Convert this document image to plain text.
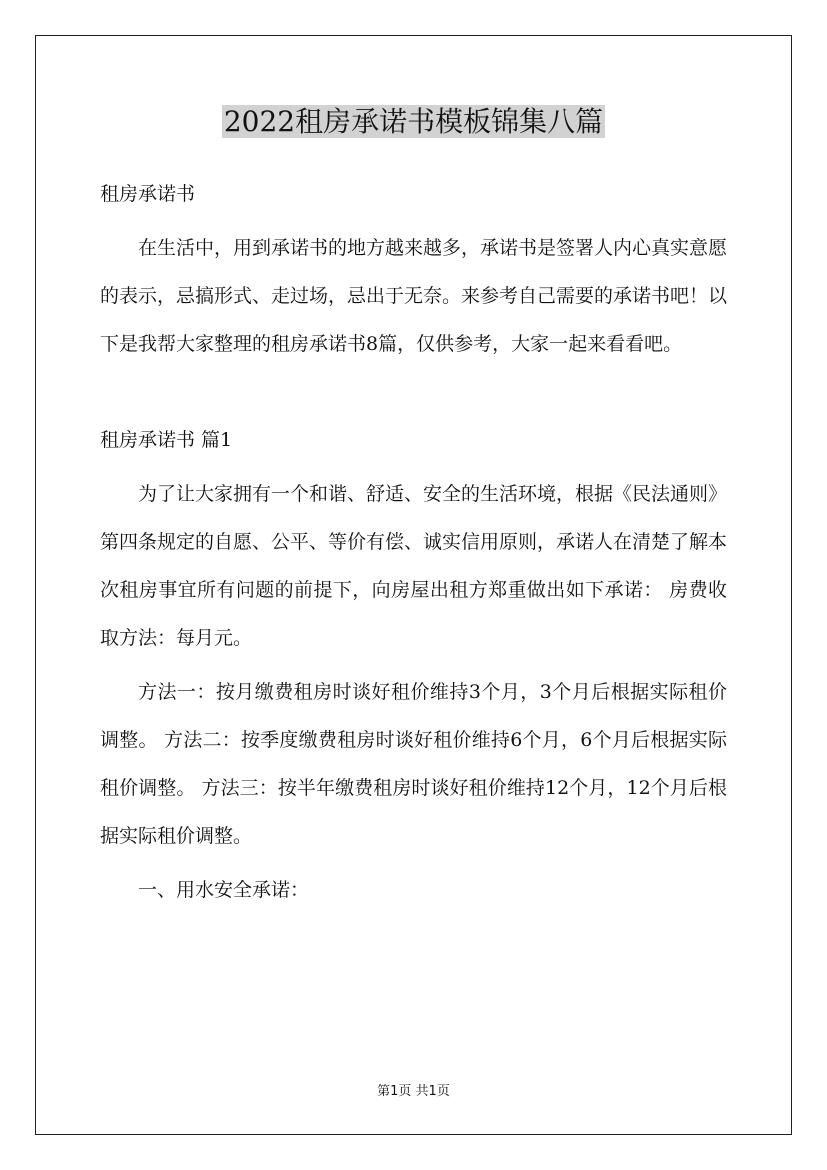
2022租房承诺书模板锦集八篇

租房承诺书

在生活中，用到承诺书的地方越来越多，承诺书是签署人内心真实意愿的表示，忌搞形式、走过场，忌出于无奈。来参考自己需要的承诺书吧！以下是我帮大家整理的租房承诺书8篇，仅供参考，大家一起来看看吧。

租房承诺书 篇1

为了让大家拥有一个和谐、舒适、安全的生活环境，根据《民法通则》第四条规定的自愿、公平、等价有偿、诚实信用原则，承诺人在清楚了解本次租房事宜所有问题的前提下，向房屋出租方郑重做出如下承诺： 房费收取方法：每月元。

方法一：按月缴费租房时谈好租价维持3个月，3个月后根据实际租价调整。 方法二：按季度缴费租房时谈好租价维持6个月，6个月后根据实际租价调整。 方法三：按半年缴费租房时谈好租价维持12个月，12个月后根据实际租价调整。

一、用水安全承诺：

第1页 共1页
